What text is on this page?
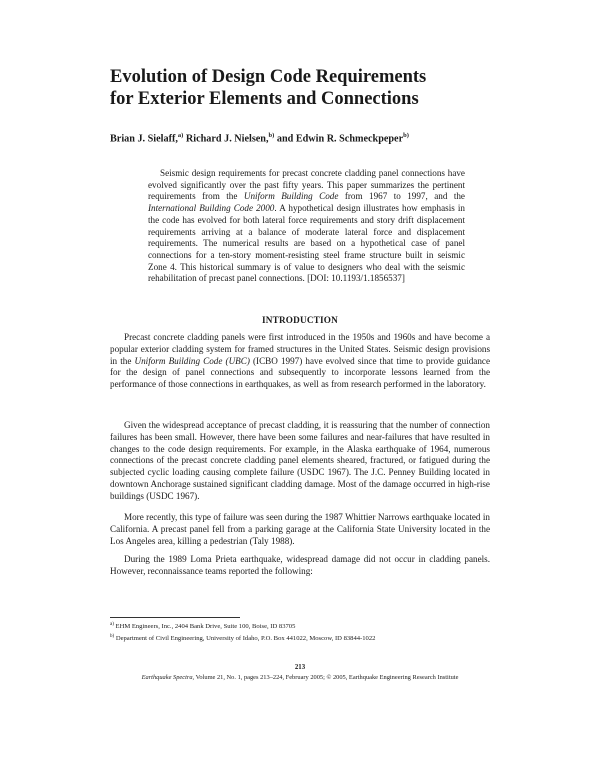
Evolution of Design Code Requirements
for Exterior Elements and Connections
Brian J. Sielaff,$^{a)}$ Richard J. Nielsen,$^{b)}$ and Edwin R. Schmeckpeper$^{b)}$

Seismic design requirements for precast concrete cladding panel connections have evolved significantly over the past fifty years. This paper summarizes the pertinent requirements from the Uniform Building Code from 1967 to 1997, and the International Building Code 2000. A hypothetical design illustrates how emphasis in the code has evolved for both lateral force requirements and story drift displacement requirements arriving at a balance of moderate lateral force and displacement requirements. The numerical results are based on a hypothetical case of panel connections for a ten-story moment-resisting steel frame structure built in seismic Zone 4. This historical summary is of value to designers who deal with the seismic rehabilitation of precast panel connections. [DOI: 10.1193/1.1856537]

INTRODUCTION

Precast concrete cladding panels were first introduced in the 1950s and 1960s and have become a popular exterior cladding system for framed structures in the United States. Seismic design provisions in the Uniform Building Code (UBC) (ICBO 1997) have evolved since that time to provide guidance for the design of panel connections and subsequently to incorporate lessons learned from the performance of those connections in earthquakes, as well as from research performed in the laboratory.

Given the widespread acceptance of precast cladding, it is reassuring that the number of connection failures has been small. However, there have been some failures and near-failures that have resulted in changes to the code design requirements. For example, in the Alaska earthquake of 1964, numerous connections of the precast concrete cladding panel elements sheared, fractured, or fatigued during the subjected cyclic loading causing complete failure (USDC 1967). The J.C. Penney Building located in downtown Anchorage sustained significant cladding damage. Most of the damage occurred in high-rise buildings (USDC 1967).

More recently, this type of failure was seen during the 1987 Whittier Narrows earthquake located in California. A precast panel fell from a parking garage at the California State University located in the Los Angeles area, killing a pedestrian (Taly 1988).

During the 1989 Loma Prieta earthquake, widespread damage did not occur in cladding panels. However, reconnaissance teams reported the following:

$^{a)}$ EHM Engineers, Inc., 2404 Bank Drive, Suite 100, Boise, ID 83705
$^{b)}$ Department of Civil Engineering, University of Idaho, P.O. Box 441022, Moscow, ID 83844-1022
213
Earthquake Spectra, Volume 21, No. 1, pages 213–224, February 2005; © 2005, Earthquake Engineering Research Institute
